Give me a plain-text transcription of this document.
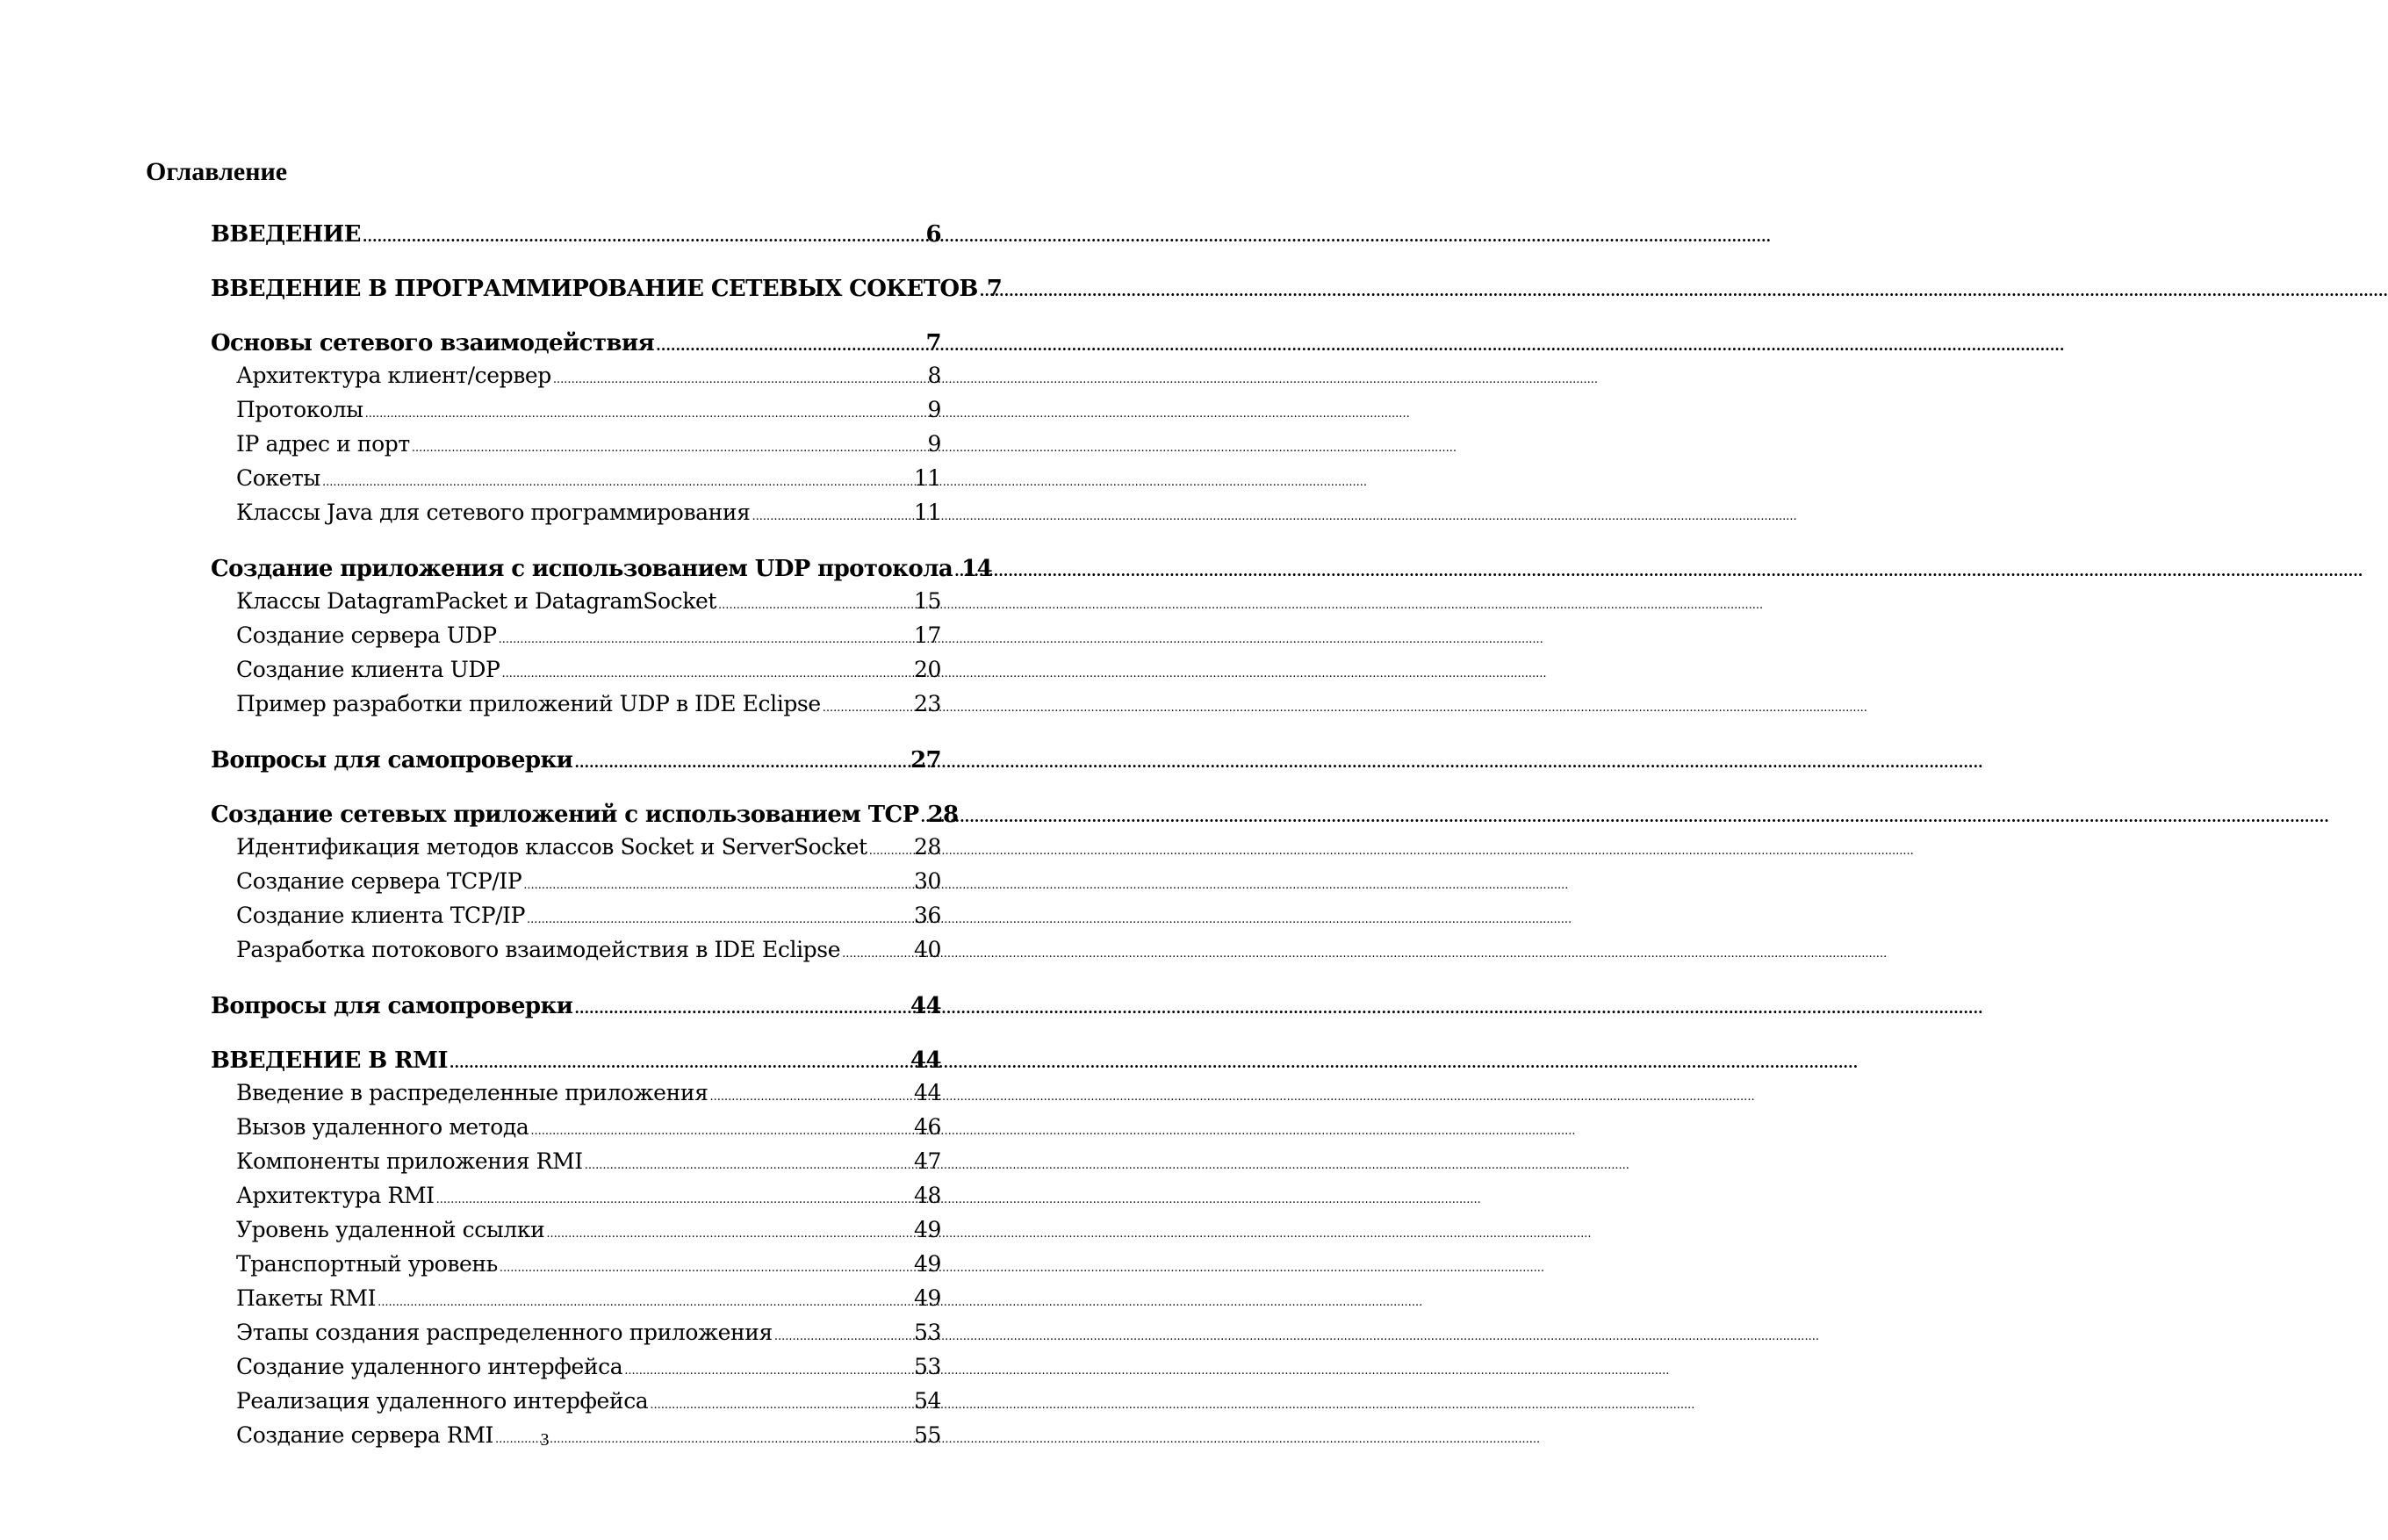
Оглавление
ВВЕДЕНИЕ .....	6
ВВЕДЕНИЕ В ПРОГРАММИРОВАНИЕ СЕТЕВЫХ СОКЕТОВ ..... 7
Основы сетевого взаимодействия .....	7
Архитектура клиент/сервер .....	8
Протоколы .....	9
IP адрес и порт .....	9
Сокеты .....	11
Классы Java для сетевого программирования .....	11
Создание приложения с использованием UDP протокола ..... 14
Классы DatagramPacket и DatagramSocket .....	15
Создание сервера UDP .....	17
Создание клиента UDP .....	20
Пример разработки приложений UDP в IDE Eclipse .....	23
Вопросы для самопроверки .....	27
Создание сетевых приложений с использованием TCP ..... 28
Идентификация методов классов Socket и ServerSocket ..... 28
Создание сервера TCP/IP .....	30
Создание клиента TCP/IP .....	36
Разработка потокового взаимодействия в IDE Eclipse .....	40
Вопросы для самопроверки .....	44
ВВЕДЕНИЕ В RMI .....	44
Введение в распределенные приложения .....	44
Вызов удаленного метода .....	46
Компоненты приложения RMI .....	47
Архитектура RMI .....	48
Уровень удаленной ссылки .....	49
Транспортный уровень .....	49
Пакеты RMI .....	49
Этапы создания распределенного приложения .....	53
Создание удаленного интерфейса .....	53
Реализация удаленного интерфейса .....	54
Создание сервера RMI .....	55
3
